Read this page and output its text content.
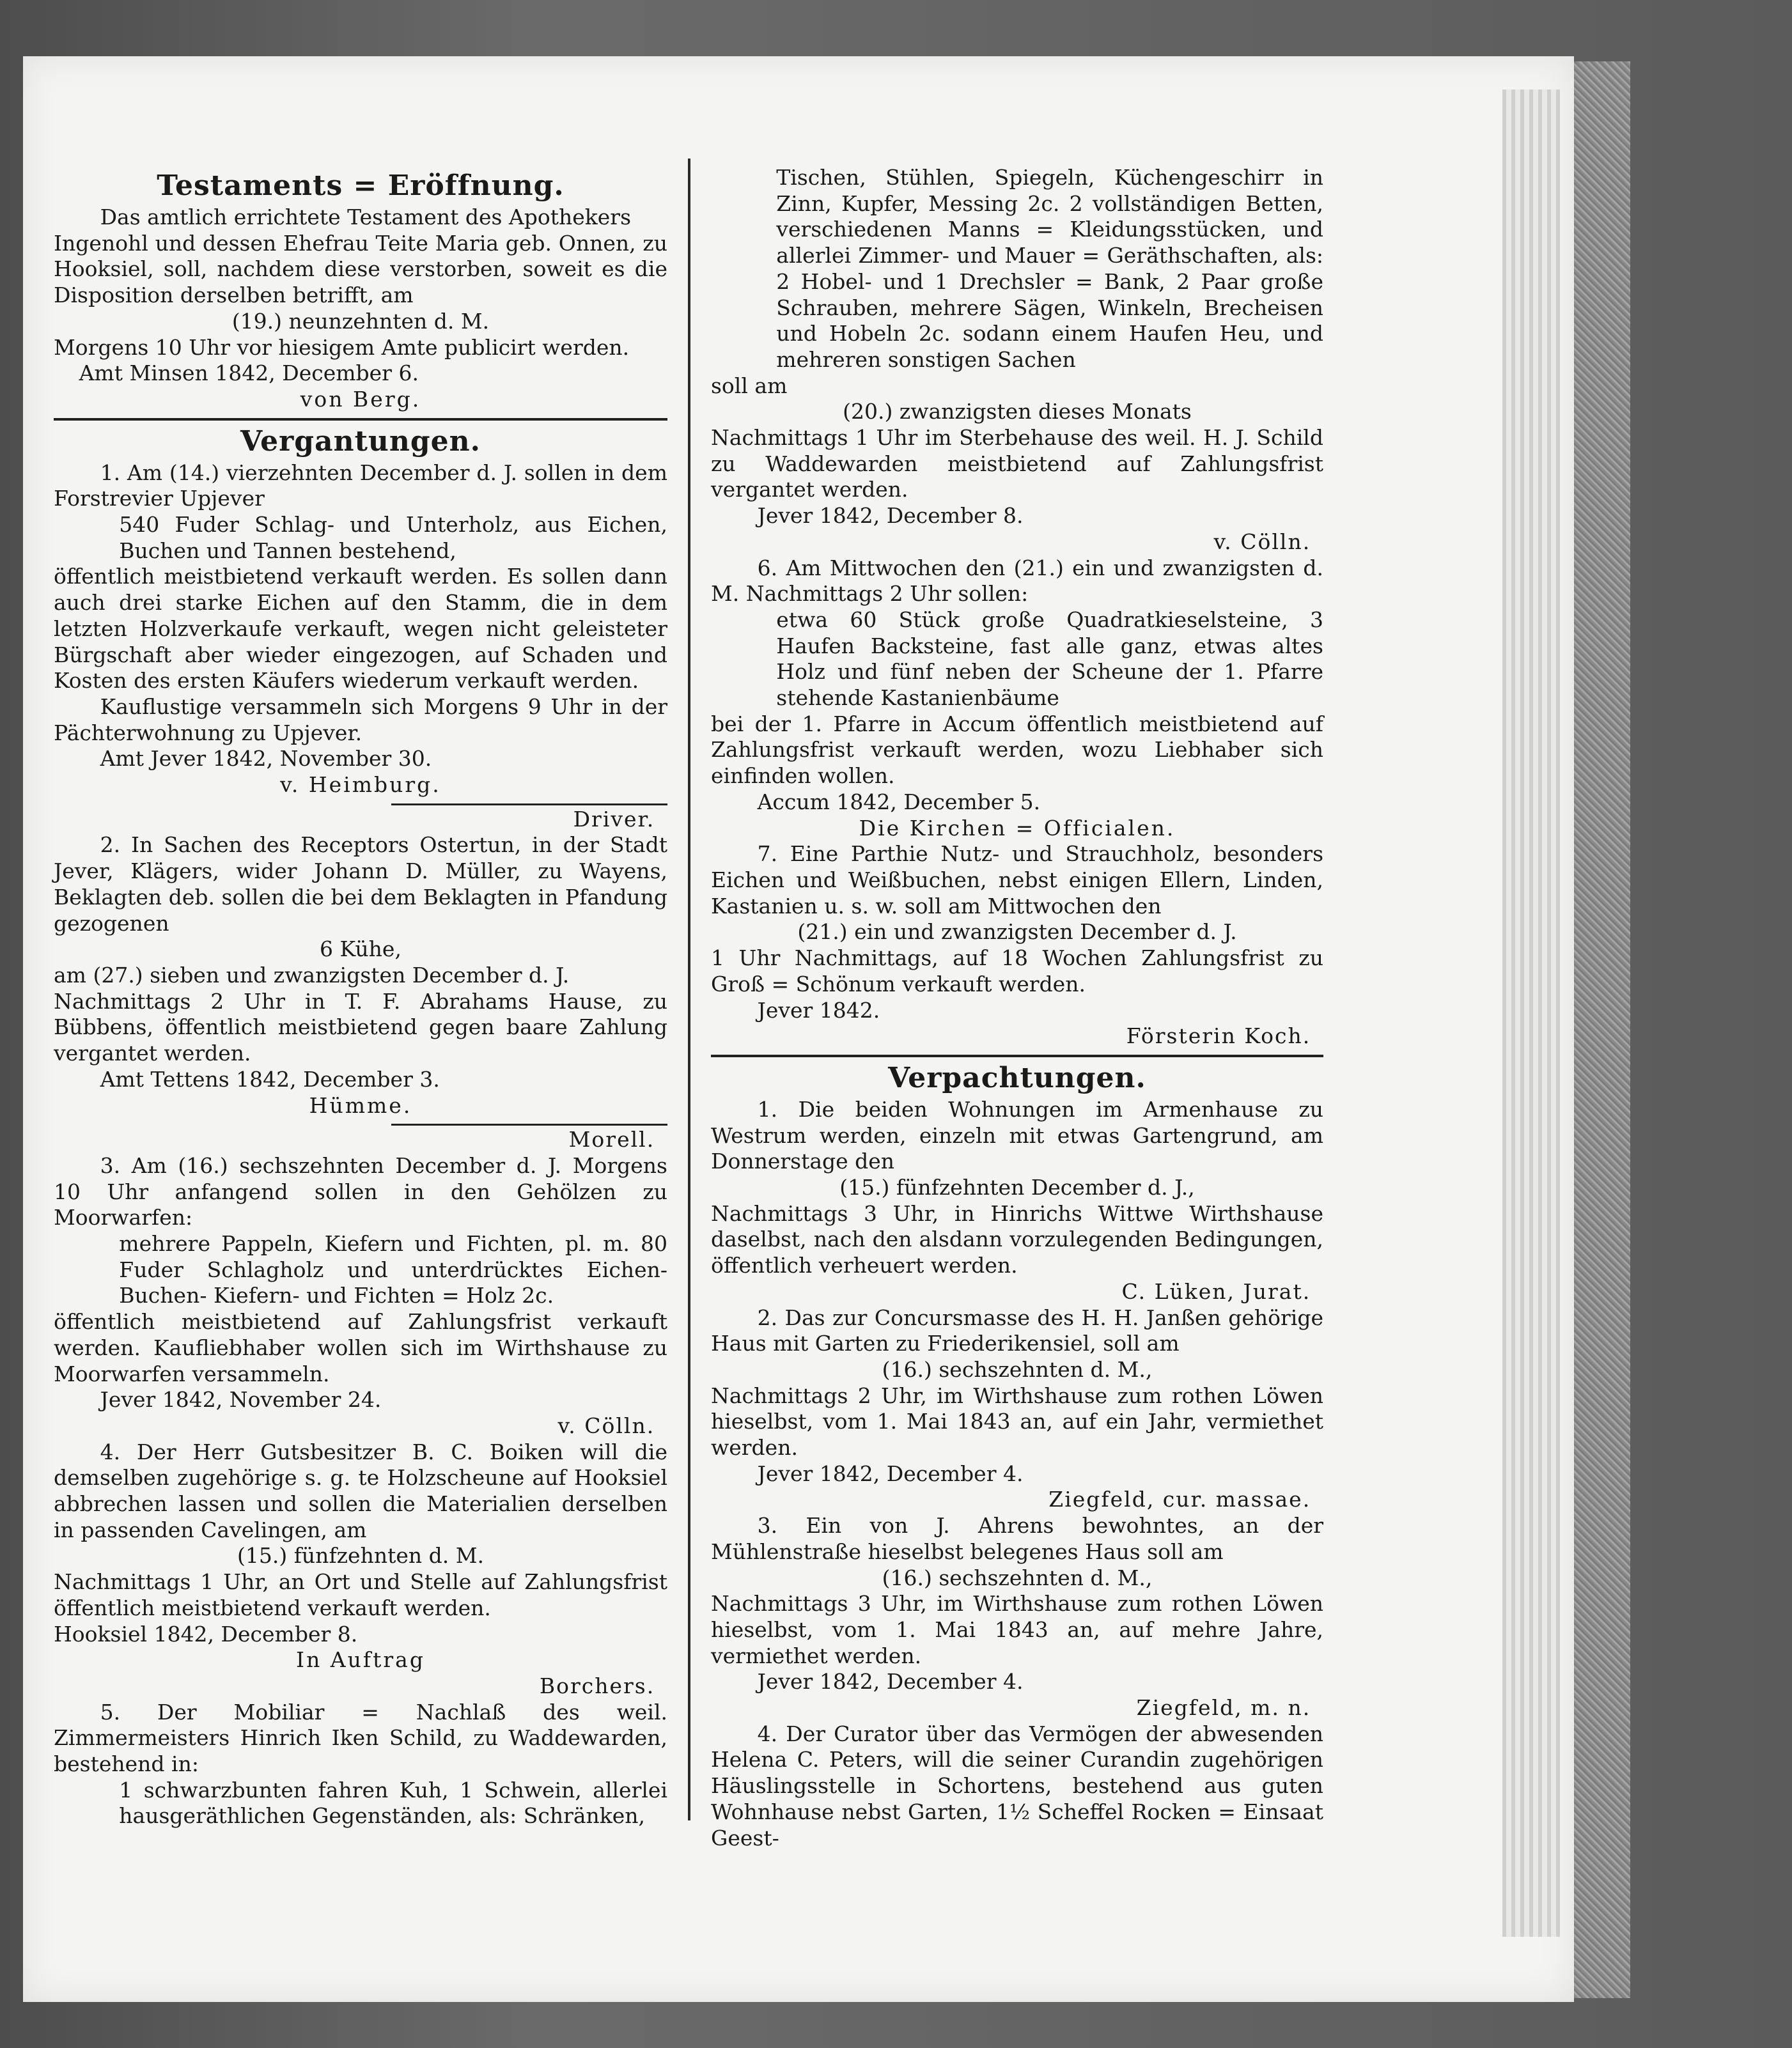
Testaments = Eröffnung.
Das amtlich errichtete Testament des Apothekers
Ingenohl und dessen Ehefrau Teite Maria geb. Onnen, zu Hooksiel, soll, nachdem diese verstorben, soweit es die Disposition derselben betrifft, am
(19.) neunzehnten d. M.
Morgens 10 Uhr vor hiesigem Amte publicirt werden.
Amt Minsen 1842, December 6.
von Berg.
Vergantungen.
1. Am (14.) vierzehnten December d. J. sollen in dem Forstrevier Upjever
540 Fuder Schlag- und Unterholz, aus Eichen, Buchen und Tannen bestehend,
öffentlich meistbietend verkauft werden. Es sollen dann auch drei starke Eichen auf den Stamm, die in dem letzten Holzverkaufe verkauft, wegen nicht geleisteter Bürgschaft aber wieder eingezogen, auf Schaden und Kosten des ersten Käufers wiederum verkauft werden.
Kauflustige versammeln sich Morgens 9 Uhr in der Pächterwohnung zu Upjever.
Amt Jever 1842, November 30.
v. Heimburg.
Driver.
2. In Sachen des Receptors Ostertun, in der Stadt Jever, Klägers, wider Johann D. Müller, zu Wayens, Beklagten deb. sollen die bei dem Beklagten in Pfandung gezogenen
6 Kühe,
am (27.) sieben und zwanzigsten December d. J.
Nachmittags 2 Uhr in T. F. Abrahams Hause, zu Bübbens, öffentlich meistbietend gegen baare Zahlung vergantet werden.
Amt Tettens 1842, December 3.
Hümme.
Morell.
3. Am (16.) sechszehnten December d. J. Morgens 10 Uhr anfangend sollen in den Gehölzen zu Moorwarfen:
mehrere Pappeln, Kiefern und Fichten, pl. m. 80 Fuder Schlagholz und unterdrücktes Eichen- Buchen- Kiefern- und Fichten = Holz 2c.
öffentlich meistbietend auf Zahlungsfrist verkauft werden. Kaufliebhaber wollen sich im Wirthshause zu Moorwarfen versammeln.
Jever 1842, November 24.
v. Cölln.
4. Der Herr Gutsbesitzer B. C. Boiken will die demselben zugehörige s. g. te Holzscheune auf Hooksiel abbrechen lassen und sollen die Materialien derselben in passenden Cavelingen, am
(15.) fünfzehnten d. M.
Nachmittags 1 Uhr, an Ort und Stelle auf Zahlungsfrist öffentlich meistbietend verkauft werden.
Hooksiel 1842, December 8.
In Auftrag
Borchers.
5. Der Mobiliar = Nachlaß des weil. Zimmermeisters Hinrich Iken Schild, zu Waddewarden, bestehend in:
1 schwarzbunten fahren Kuh, 1 Schwein, allerlei hausgeräthlichen Gegenständen, als: Schränken,
Tischen, Stühlen, Spiegeln, Küchengeschirr in Zinn, Kupfer, Messing 2c. 2 vollständigen Betten, verschiedenen Manns = Kleidungsstücken, und allerlei Zimmer- und Mauer = Geräthschaften, als: 2 Hobel- und 1 Drechsler = Bank, 2 Paar große Schrauben, mehrere Sägen, Winkeln, Brecheisen und Hobeln 2c. sodann einem Haufen Heu, und mehreren sonstigen Sachen
soll am
(20.) zwanzigsten dieses Monats
Nachmittags 1 Uhr im Sterbehause des weil. H. J. Schild zu Waddewarden meistbietend auf Zahlungsfrist vergantet werden.
Jever 1842, December 8.
v. Cölln.
6. Am Mittwochen den (21.) ein und zwanzigsten d. M. Nachmittags 2 Uhr sollen:
etwa 60 Stück große Quadratkieselsteine, 3 Haufen Backsteine, fast alle ganz, etwas altes Holz und fünf neben der Scheune der 1. Pfarre stehende Kastanienbäume
bei der 1. Pfarre in Accum öffentlich meistbietend auf Zahlungsfrist verkauft werden, wozu Liebhaber sich einfinden wollen.
Accum 1842, December 5.
Die Kirchen = Officialen.
7. Eine Parthie Nutz- und Strauchholz, besonders Eichen und Weißbuchen, nebst einigen Ellern, Linden, Kastanien u. s. w. soll am Mittwochen den
(21.) ein und zwanzigsten December d. J.
1 Uhr Nachmittags, auf 18 Wochen Zahlungsfrist zu Groß = Schönum verkauft werden.
Jever 1842.
Försterin Koch.
Verpachtungen.
1. Die beiden Wohnungen im Armenhause zu Westrum werden, einzeln mit etwas Gartengrund, am Donnerstage den
(15.) fünfzehnten December d. J.,
Nachmittags 3 Uhr, in Hinrichs Wittwe Wirthshause daselbst, nach den alsdann vorzulegenden Bedingungen, öffentlich verheuert werden.
C. Lüken, Jurat.
2. Das zur Concursmasse des H. H. Janßen gehörige Haus mit Garten zu Friederikensiel, soll am
(16.) sechszehnten d. M.,
Nachmittags 2 Uhr, im Wirthshause zum rothen Löwen hieselbst, vom 1. Mai 1843 an, auf ein Jahr, vermiethet werden.
Jever 1842, December 4.
Ziegfeld, cur. massae.
3. Ein von J. Ahrens bewohntes, an der Mühlenstraße hieselbst belegenes Haus soll am
(16.) sechszehnten d. M.,
Nachmittags 3 Uhr, im Wirthshause zum rothen Löwen hieselbst, vom 1. Mai 1843 an, auf mehre Jahre, vermiethet werden.
Jever 1842, December 4.
Ziegfeld, m. n.
4. Der Curator über das Vermögen der abwesenden Helena C. Peters, will die seiner Curandin zugehörigen Häuslingsstelle in Schortens, bestehend aus guten Wohnhause nebst Garten, 1½ Scheffel Rocken = Einsaat Geest-
